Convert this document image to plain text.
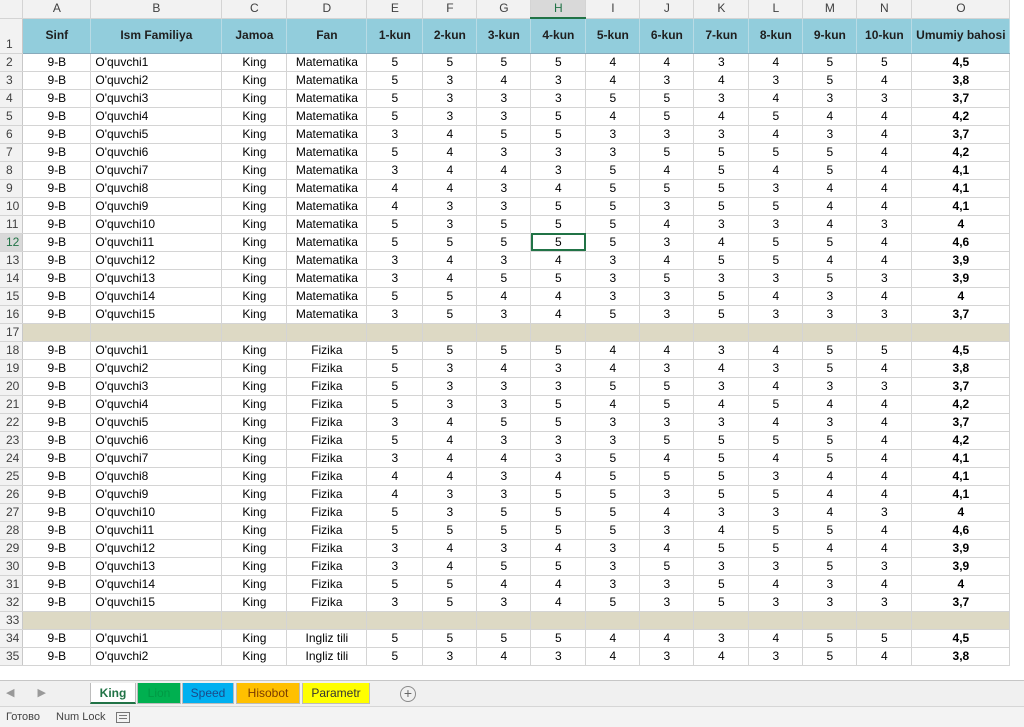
	A	B	C	D	E	F	G	H	I	J	K	L	M	N	O
1	Sinf	Ism Familiya	Jamoa	Fan	1-kun	2-kun	3-kun	4-kun	5-kun	6-kun	7-kun	8-kun	9-kun	10-kun	Umumiy bahosi
2	9-B	O'quvchi1	King	Matematika	5	5	5	5	4	4	3	4	5	5	4,5
3	9-B	O'quvchi2	King	Matematika	5	3	4	3	4	3	4	3	5	4	3,8
4	9-B	O'quvchi3	King	Matematika	5	3	3	3	5	5	3	4	3	3	3,7
5	9-B	O'quvchi4	King	Matematika	5	3	3	5	4	5	4	5	4	4	4,2
6	9-B	O'quvchi5	King	Matematika	3	4	5	5	3	3	3	4	3	4	3,7
7	9-B	O'quvchi6	King	Matematika	5	4	3	3	3	5	5	5	5	4	4,2
8	9-B	O'quvchi7	King	Matematika	3	4	4	3	5	4	5	4	5	4	4,1
9	9-B	O'quvchi8	King	Matematika	4	4	3	4	5	5	5	3	4	4	4,1
10	9-B	O'quvchi9	King	Matematika	4	3	3	5	5	3	5	5	4	4	4,1
11	9-B	O'quvchi10	King	Matematika	5	3	5	5	5	4	3	3	4	3	4
12	9-B	O'quvchi11	King	Matematika	5	5	5	5	5	3	4	5	5	4	4,6
13	9-B	O'quvchi12	King	Matematika	3	4	3	4	3	4	5	5	4	4	3,9
14	9-B	O'quvchi13	King	Matematika	3	4	5	5	3	5	3	3	5	3	3,9
15	9-B	O'quvchi14	King	Matematika	5	5	4	4	3	3	5	4	3	4	4
16	9-B	O'quvchi15	King	Matematika	3	5	3	4	5	3	5	3	3	3	3,7
17															
18	9-B	O'quvchi1	King	Fizika	5	5	5	5	4	4	3	4	5	5	4,5
19	9-B	O'quvchi2	King	Fizika	5	3	4	3	4	3	4	3	5	4	3,8
20	9-B	O'quvchi3	King	Fizika	5	3	3	3	5	5	3	4	3	3	3,7
21	9-B	O'quvchi4	King	Fizika	5	3	3	5	4	5	4	5	4	4	4,2
22	9-B	O'quvchi5	King	Fizika	3	4	5	5	3	3	3	4	3	4	3,7
23	9-B	O'quvchi6	King	Fizika	5	4	3	3	3	5	5	5	5	4	4,2
24	9-B	O'quvchi7	King	Fizika	3	4	4	3	5	4	5	4	5	4	4,1
25	9-B	O'quvchi8	King	Fizika	4	4	3	4	5	5	5	3	4	4	4,1
26	9-B	O'quvchi9	King	Fizika	4	3	3	5	5	3	5	5	4	4	4,1
27	9-B	O'quvchi10	King	Fizika	5	3	5	5	5	4	3	3	4	3	4
28	9-B	O'quvchi11	King	Fizika	5	5	5	5	5	3	4	5	5	4	4,6
29	9-B	O'quvchi12	King	Fizika	3	4	3	4	3	4	5	5	4	4	3,9
30	9-B	O'quvchi13	King	Fizika	3	4	5	5	3	5	3	3	5	3	3,9
31	9-B	O'quvchi14	King	Fizika	5	5	4	4	3	3	5	4	3	4	4
32	9-B	O'quvchi15	King	Fizika	3	5	3	4	5	3	5	3	3	3	3,7
33															
34	9-B	O'quvchi1	King	Ingliz tili	5	5	5	5	4	4	3	4	5	5	4,5
35	9-B	O'quvchi2	King	Ingliz tili	5	3	4	3	4	3	4	3	5	4	3,8
◀ ▶	King	Lion	Speed	Hisobot	Parametr	+
Готово Num Lock
